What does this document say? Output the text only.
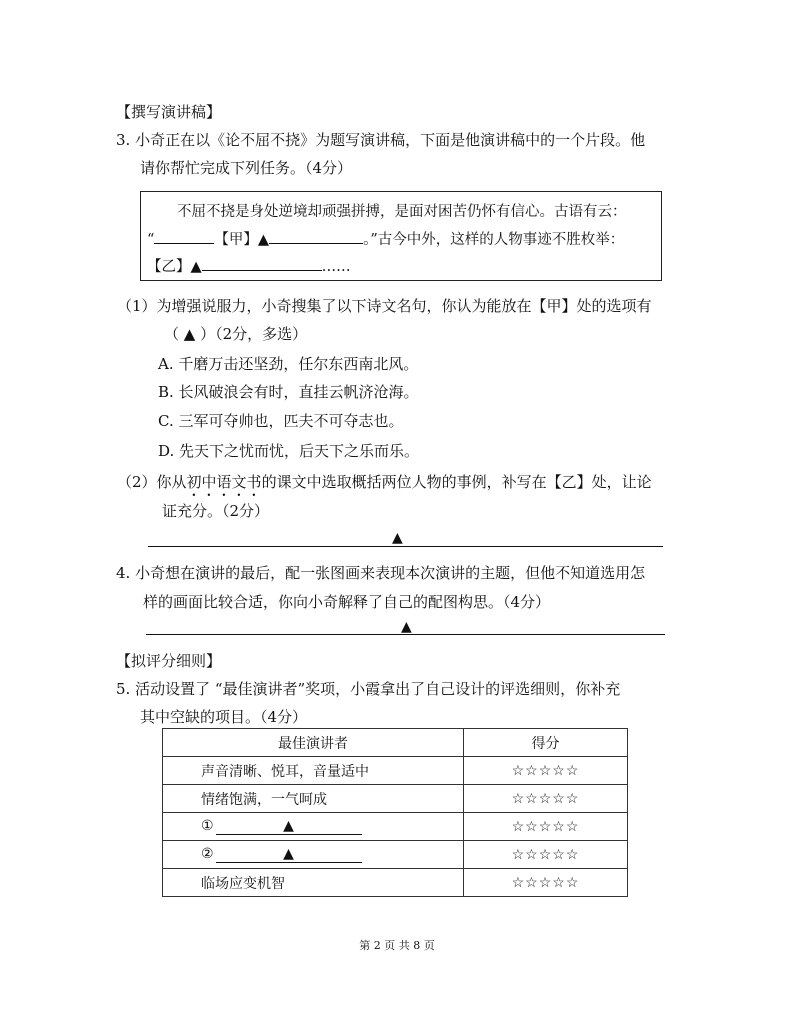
【撰写演讲稿】
3. 小奇正在以《论不屈不挠》为题写演讲稿，下面是他演讲稿中的一个片段。他
请你帮忙完成下列任务。（4分）
不屈不挠是身处逆境却顽强拼搏，是面对困苦仍怀有信心。古语有云：
“	【甲】▲	。”古今中外，这样的人物事迹不胜枚举：
【乙】▲	……
（1）为增强说服力，小奇搜集了以下诗文名句，你认为能放在【甲】处的选项有
（ ▲ ）（2分，多选）
A. 千磨万击还坚劲，任尔东西南北风。
B. 长风破浪会有时，直挂云帆济沧海。
C. 三军可夺帅也，匹夫不可夺志也。
D. 先天下之忧而忧，后天下之乐而乐。
（2）你从初中语文书的课文中选取概括两位人物的事例，补写在【乙】处，让论
证充分。（2分）
▲
4. 小奇想在演讲的最后，配一张图画来表现本次演讲的主题，但他不知道选用怎
样的画面比较合适，你向小奇解释了自己的配图构思。（4分）
▲
【拟评分细则】
5. 活动设置了 “最佳演讲者”奖项，小霞拿出了自己设计的评选细则，你补充
其中空缺的项目。（4分）
最佳演讲者	得分
声音清晰、悦耳，音量适中	☆☆☆☆☆
情绪饱满，一气呵成	☆☆☆☆☆
① ▲	☆☆☆☆☆
② ▲	☆☆☆☆☆
临场应变机智	☆☆☆☆☆
第 2 页 共 8 页
